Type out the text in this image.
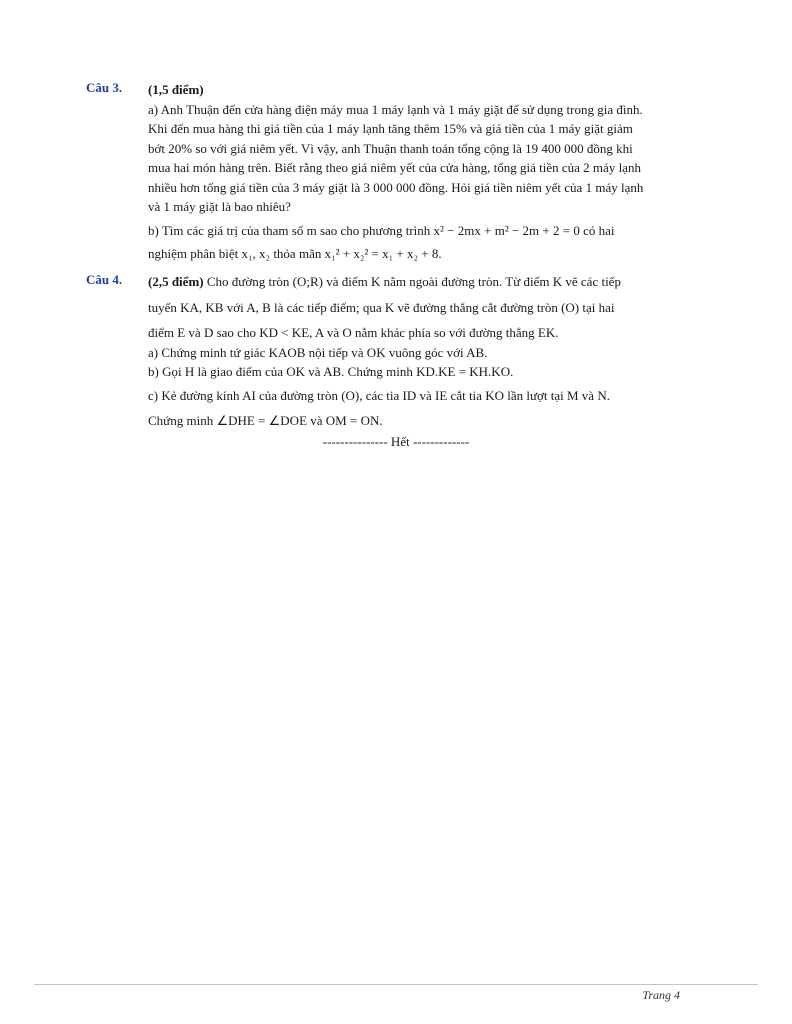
Câu 3. (1,5 điểm)

a) Anh Thuận đến cửa hàng điện máy mua 1 máy lạnh và 1 máy giặt để sử dụng trong gia đình.

Khi đến mua hàng thì giá tiền của 1 máy lạnh tăng thêm 15% và giá tiền của 1 máy giặt giảm

bớt 20% so với giá niêm yết. Vì vậy, anh Thuận thanh toán tổng cộng là 19 400 000 đồng khi

mua hai món hàng trên. Biết rằng theo giá niêm yết của cửa hàng, tổng giá tiền của 2 máy lạnh

nhiều hơn tổng giá tiền của 3 máy giặt là 3 000 000 đồng. Hỏi giá tiền niêm yết của 1 máy lạnh

và 1 máy giặt là bao nhiêu?

b) Tìm các giá trị của tham số m sao cho phương trình x² − 2mx + m² − 2m + 2 = 0 có hai

nghiệm phân biệt x₁, x₂ thỏa mãn x₁² + x₂² = x₁ + x₂ + 8.

Câu 4. (2,5 điểm) Cho đường tròn (O;R) và điểm K nằm ngoài đường tròn. Từ điểm K vẽ các tiếp

tuyến KA, KB với A, B là các tiếp điểm; qua K vẽ đường thẳng cắt đường tròn (O) tại hai

điểm E và D sao cho KD < KE, A và O nằm khác phía so với đường thẳng EK.

a) Chứng minh tứ giác KAOB nội tiếp và OK vuông góc với AB.

b) Gọi H là giao điểm của OK và AB. Chứng minh KD.KE = KH.KO.

c) Kẻ đường kính AI của đường tròn (O), các tia ID và IE cắt tia KO lần lượt tại M và N.

Chứng minh ∠DHE = ∠DOE và OM = ON.

--------------- Hết -------------
Trang 4
